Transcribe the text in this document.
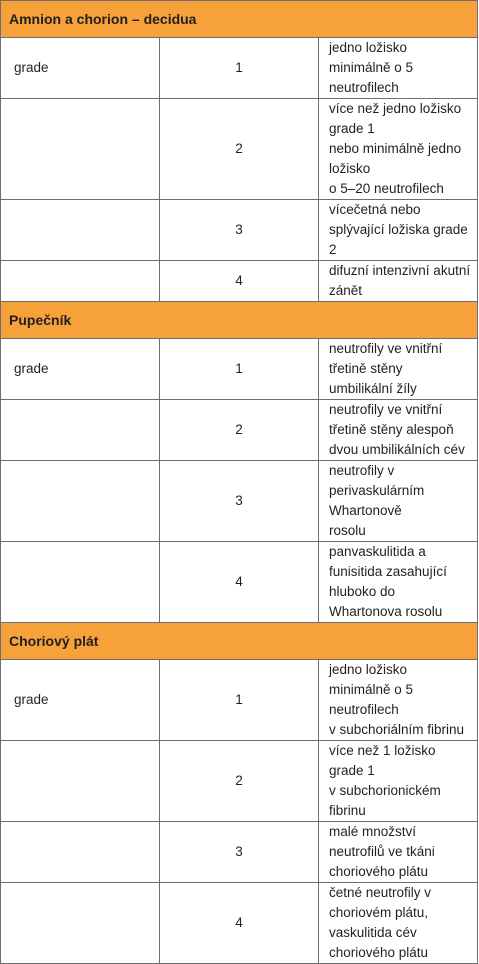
Amnion a chorion – decidua		
grade	1	jedno ložisko minimálně o 5 neutrofilech

	2	více než jedno ložisko grade 1
nebo minimálně jedno ložisko
o 5–20 neutrofilech

	3	vícečetná nebo splývající ložiska grade 2

	4	difuzní intenzivní akutní zánět

Pupečník		
grade	1	neutrofily ve vnitřní třetině stěny
umbilikální žíly

	2	neutrofily ve vnitřní třetině stěny alespoň
dvou umbilikálních cév

	3	neutrofily v perivaskulárním Whartonově
rosolu

	4	panvaskulitida a funisitida zasahující
hluboko do Whartonova rosolu

Choriový plát		
grade	1	jedno ložisko minimálně o 5 neutrofilech
v subchoriálním fibrinu

	2	více než 1 ložisko grade 1
v subchorionickém fibrinu

	3	malé množství neutrofilů ve tkáni
choriového plátu

	4	četné neutrofily v choriovém plátu,
vaskulitida cév choriového plátu
